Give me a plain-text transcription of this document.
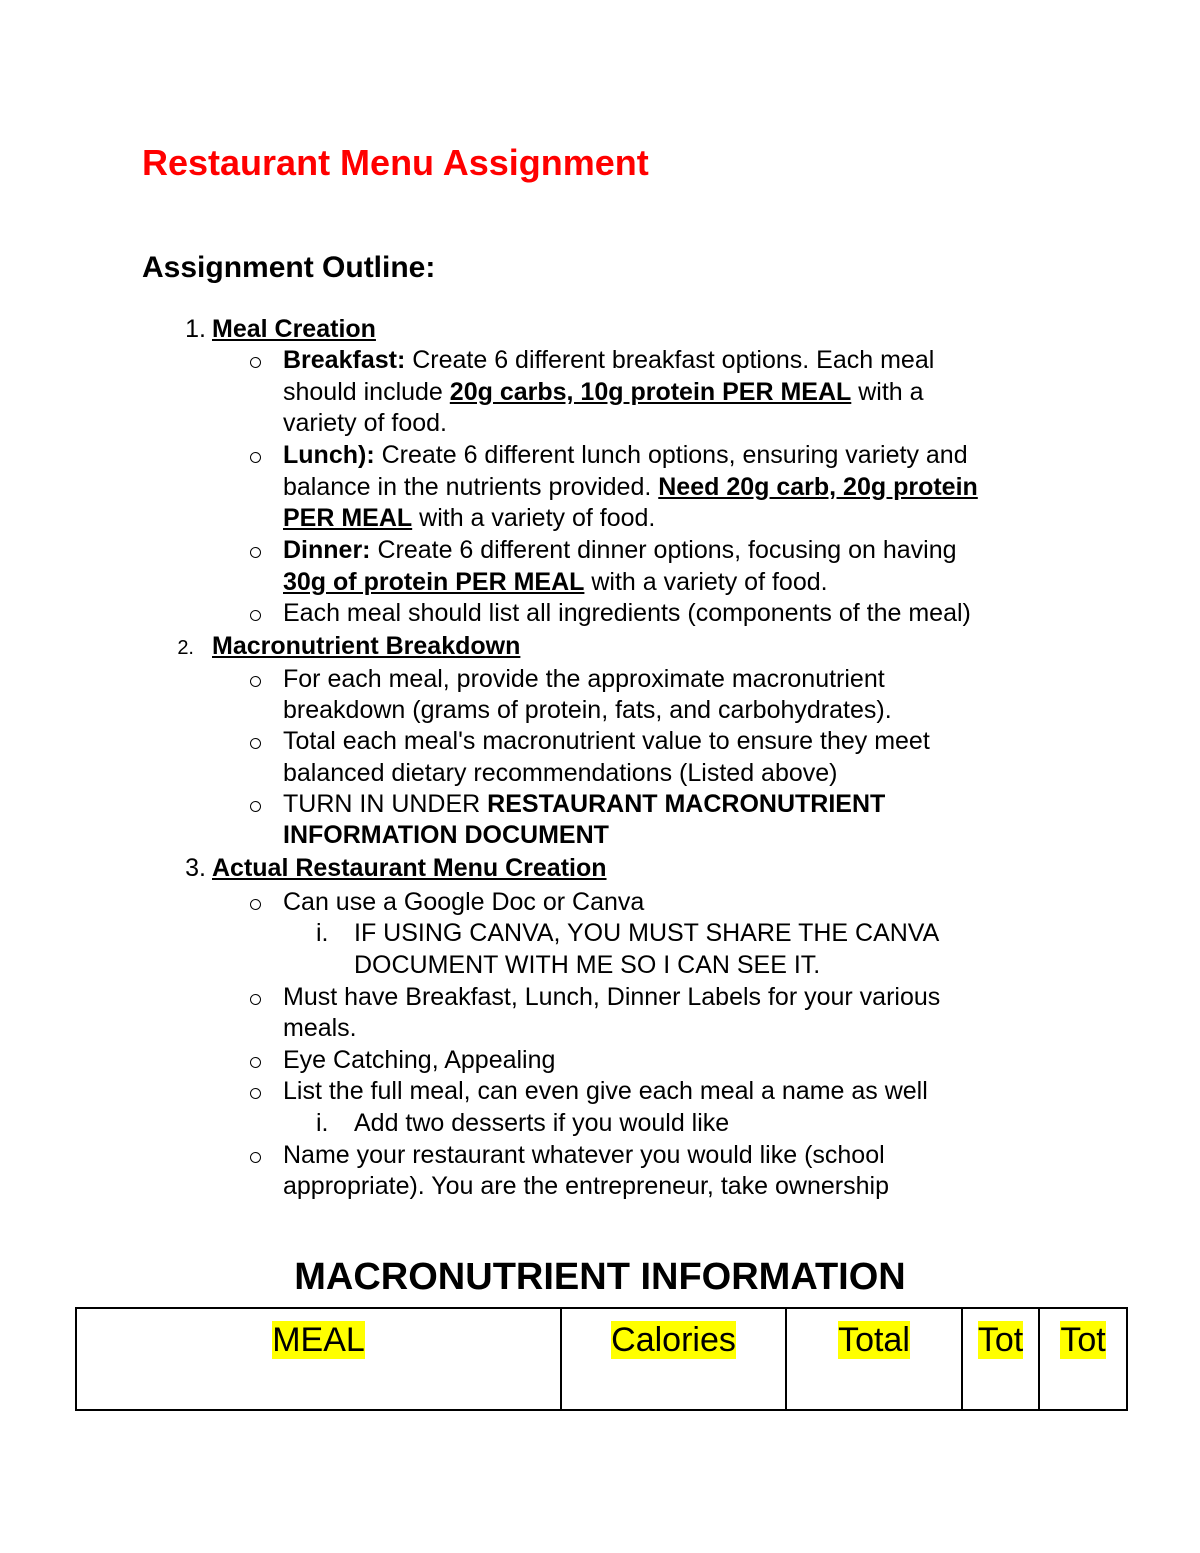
Restaurant Menu Assignment
Assignment Outline:
1. Meal Creation
Breakfast: Create 6 different breakfast options. Each meal
should include 20g carbs, 10g protein PER MEAL with a
variety of food.
Lunch): Create 6 different lunch options, ensuring variety and
balance in the nutrients provided. Need 20g carb, 20g protein
PER MEAL with a variety of food.
Dinner: Create 6 different dinner options, focusing on having
30g of protein PER MEAL with a variety of food.
Each meal should list all ingredients (components of the meal)
2. Macronutrient Breakdown
For each meal, provide the approximate macronutrient
breakdown (grams of protein, fats, and carbohydrates).
Total each meal's macronutrient value to ensure they meet
balanced dietary recommendations (Listed above)
TURN IN UNDER RESTAURANT MACRONUTRIENT
INFORMATION DOCUMENT
3. Actual Restaurant Menu Creation
Can use a Google Doc or Canva
i. IF USING CANVA, YOU MUST SHARE THE CANVA
DOCUMENT WITH ME SO I CAN SEE IT.
Must have Breakfast, Lunch, Dinner Labels for your various
meals.
Eye Catching, Appealing
List the full meal, can even give each meal a name as well
i. Add two desserts if you would like
Name your restaurant whatever you would like (school
appropriate). You are the entrepreneur, take ownership
MACRONUTRIENT INFORMATION
MEAL	Calories	Total	Tot	Tot
